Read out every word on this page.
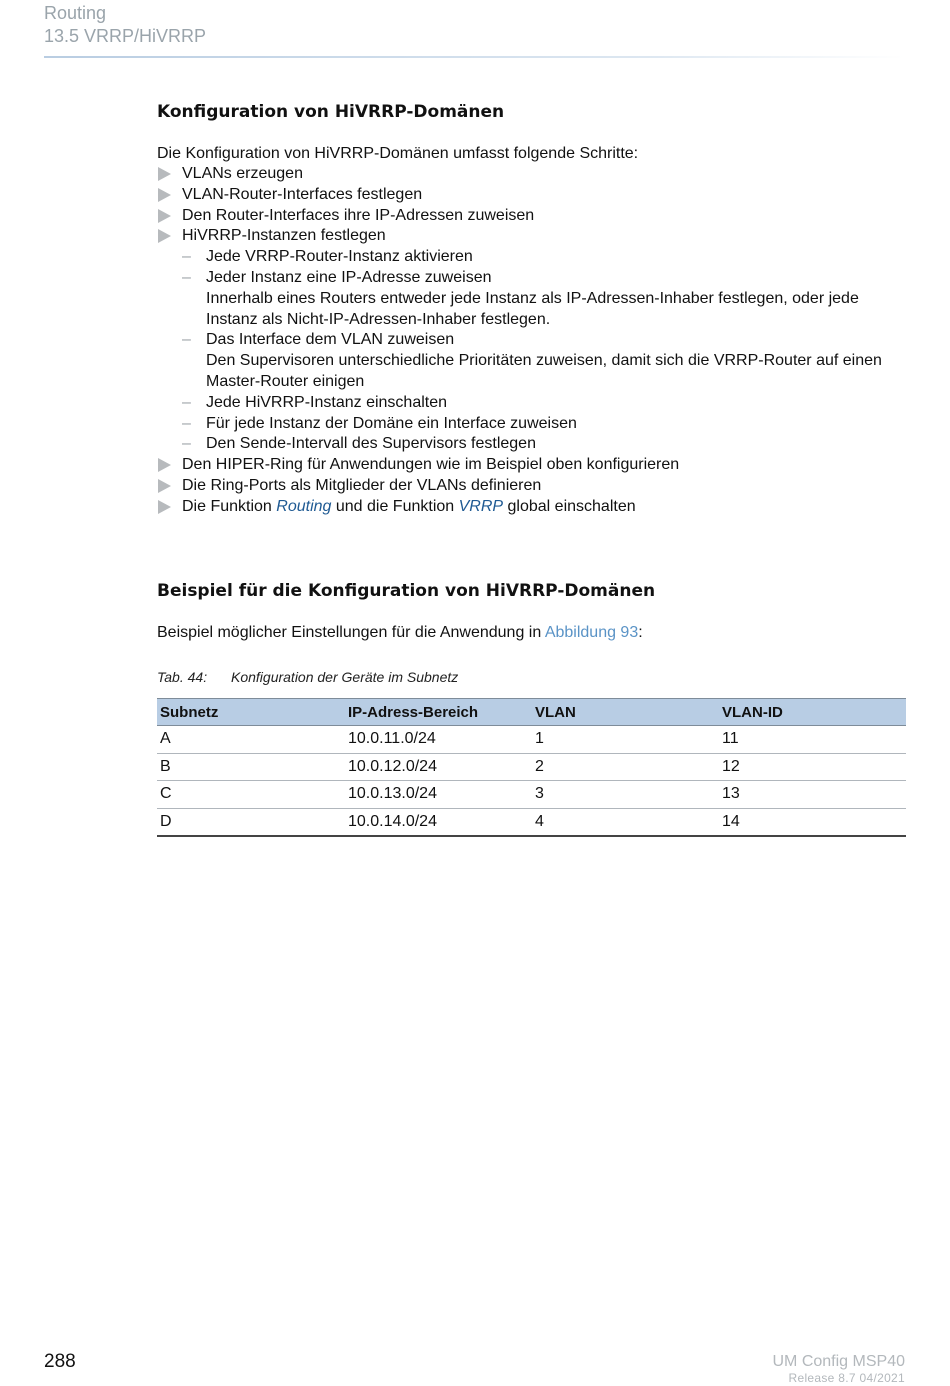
Routing
13.5 VRRP/HiVRRP
Konfiguration von HiVRRP-Domänen
Die Konfiguration von HiVRRP-Domänen umfasst folgende Schritte:
VLANs erzeugen
VLAN-Router-Interfaces festlegen
Den Router-Interfaces ihre IP-Adressen zuweisen
HiVRRP-Instanzen festlegen
– Jede VRRP-Router-Instanz aktivieren
– Jeder Instanz eine IP-Adresse zuweisen
Innerhalb eines Routers entweder jede Instanz als IP-Adressen-Inhaber festlegen, oder jede Instanz als Nicht-IP-Adressen-Inhaber festlegen.
– Das Interface dem VLAN zuweisen
Den Supervisoren unterschiedliche Prioritäten zuweisen, damit sich die VRRP-Router auf einen Master-Router einigen
– Jede HiVRRP-Instanz einschalten
– Für jede Instanz der Domäne ein Interface zuweisen
– Den Sende-Intervall des Supervisors festlegen
Den HIPER-Ring für Anwendungen wie im Beispiel oben konfigurieren
Die Ring-Ports als Mitglieder der VLANs definieren
Die Funktion Routing und die Funktion VRRP global einschalten
Beispiel für die Konfiguration von HiVRRP-Domänen
Beispiel möglicher Einstellungen für die Anwendung in Abbildung 93:
Tab. 44: Konfiguration der Geräte im Subnetz
Subnetz	IP-Adress-Bereich	VLAN	VLAN-ID
A	10.0.11.0/24	1	11
B	10.0.12.0/24	2	12
C	10.0.13.0/24	3	13
D	10.0.14.0/24	4	14
288	UM Config MSP40
Release 8.7 04/2021
